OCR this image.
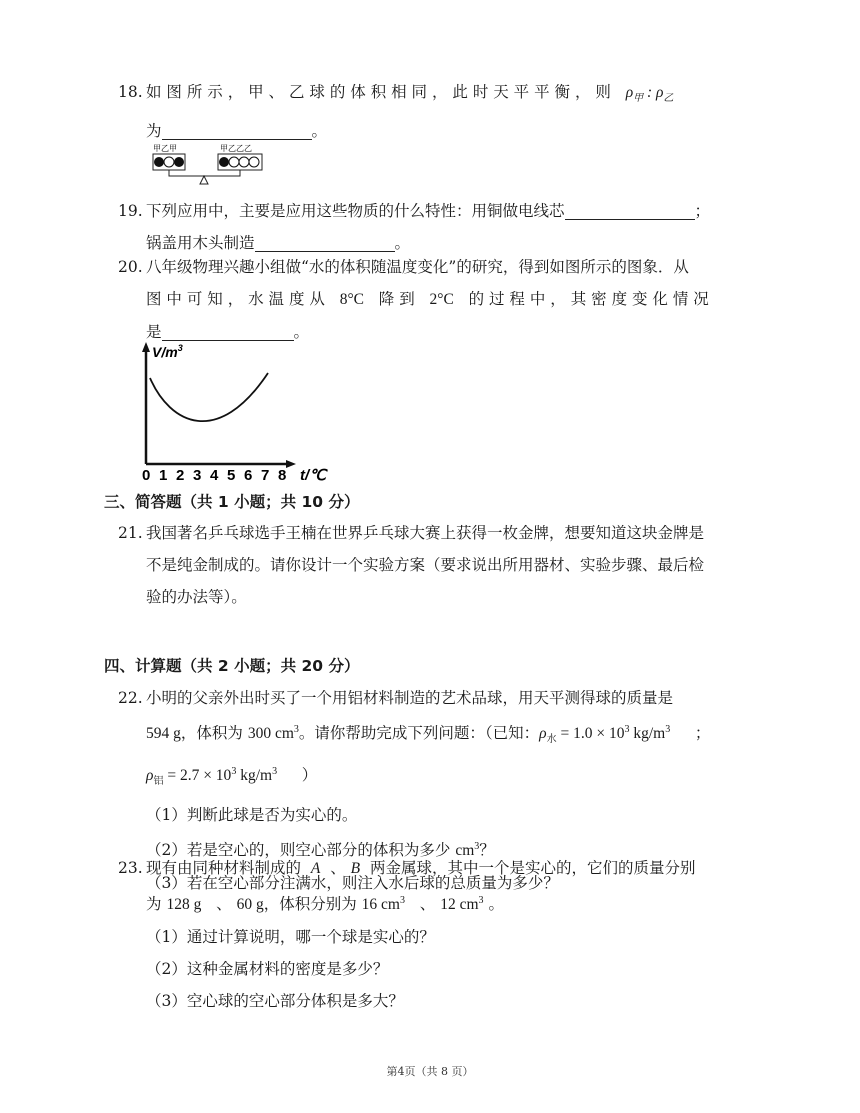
18. 如 图 所 示 ， 甲 、 乙 球 的 体 积 相 同 ， 此 时 天 平 平 衡 ， 则 $\rho_甲$ : $\rho_乙$
为	。
甲乙甲	甲乙乙乙
19. 下列应用中，主要是应用这些物质的什么特性：用铜做电线芯	；
锅盖用木头制造	。
20. 八年级物理兴趣小组做“水的体积随温度变化”的研究，得到如图所示的图象．从
图 中 可 知 ， 水 温 度 从 8°C 降 到 2°C 的 过 程 中 ， 其 密 度 变 化 情 况
是	。
$V/m^3$
0 1 2 3 4 5 6 7 8 t/℃
三、简答题（共 1 小题；共 10 分）
21. 我国著名乒乓球选手王楠在世界乒乓球大赛上获得一枚金牌，想要知道这块金牌是
不是纯金制成的。请你设计一个实验方案（要求说出所用器材、实验步骤、最后检
验的办法等）。
四、计算题（共 2 小题；共 20 分）
22. 小明的父亲外出时买了一个用铝材料制造的艺术品球，用天平测得球的质量是
594 g，体积为 300 $cm^3$。请你帮助完成下列问题：（已知：$\rho_水 = 1.0 \times 10^3$ $kg/m^3$ ；
$\rho_铝 = 2.7 \times 10^3$ $kg/m^3$ ）
（1）判断此球是否为实心的。
（2）若是空心的，则空心部分的体积为多少 $cm^3$？
（3）若在空心部分注满水，则注入水后球的总质量为多少？
23. 现有由同种材料制成的 A 、 B 两金属球，其中一个是实心的，它们的质量分别
为 128 g 、 60 g，体积分别为 16 $cm^3$ 、 12 $cm^3$ 。
（1）通过计算说明，哪一个球是实心的？
（2）这种金属材料的密度是多少？
（3）空心球的空心部分体积是多大？
第4页（共 8 页）
